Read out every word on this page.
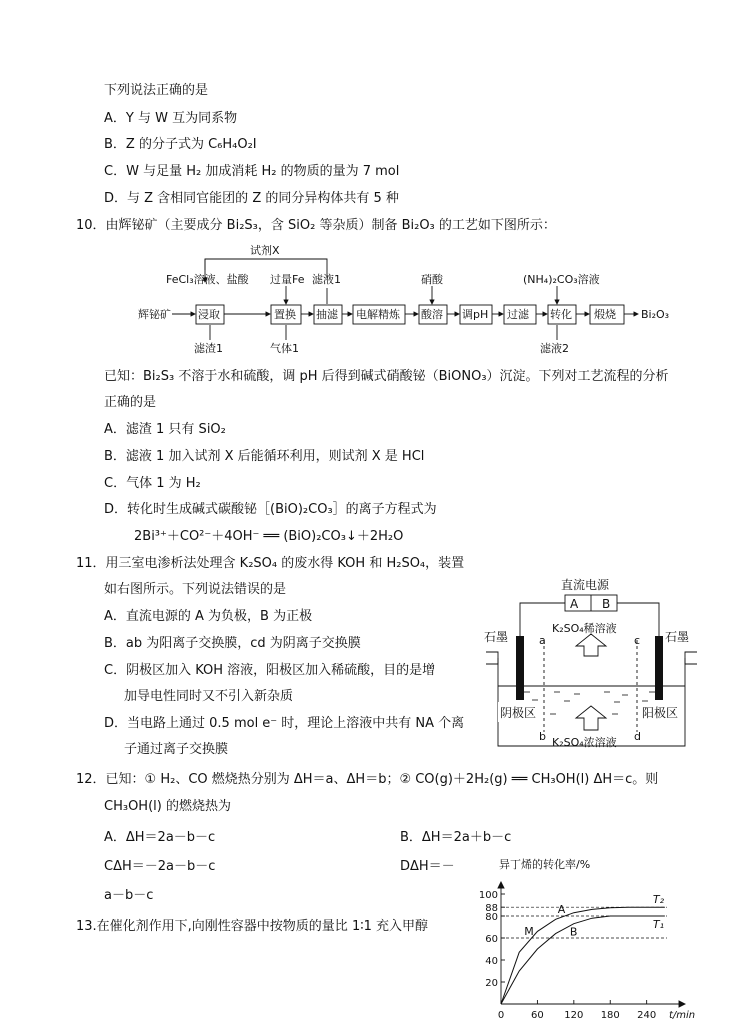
下列说法正确的是
A．Y 与 W 互为同系物
B．Z 的分子式为 C₆H₄O₂I
C．W 与足量 H₂ 加成消耗 H₂ 的物质的量为 7 mol
D．与 Z 含相同官能团的 Z 的同分异构体共有 5 种
10．由辉铋矿（主要成分 Bi₂S₃，含 SiO₂ 等杂质）制备 Bi₂O₃ 的工艺如下图所示：
试剂X
FeCl₃溶液、盐酸 过量Fe 滤液1	硝酸	(NH₄)₂CO₃溶液
辉铋矿 浸取	置换 抽滤 电解精炼 酸溶 调pH 过滤 转化 煅烧 Bi₂O₃
滤渣1	气体1	滤液2
已知：Bi₂S₃ 不溶于水和硫酸，调 pH 后得到碱式硝酸铋（BiONO₃）沉淀。下列对工艺流程的分析
正确的是
A．滤渣 1 只有 SiO₂
B．滤液 1 加入试剂 X 后能循环利用，则试剂 X 是 HCl
C．气体 1 为 H₂
D．转化时生成碱式碳酸铋［(BiO)₂CO₃］的离子方程式为
2Bi³⁺＋CO²⁻＋4OH⁻ ══ (BiO)₂CO₃↓＋2H₂O
11．用三室电渗析法处理含 K₂SO₄ 的废水得 KOH 和 H₂SO₄，装置
如右图所示。下列说法错误的是
A．直流电源的 A 为负极，B 为正极
B．ab 为阳离子交换膜，cd 为阴离子交换膜
C．阴极区加入 KOH 溶液，阳极区加入稀硫酸，目的是增
加导电性同时又不引入新杂质
D．当电路上通过 0.5 mol e⁻ 时，理论上溶液中共有 NA 个离
子通过离子交换膜
直流电源
A B
石墨	石墨
a	c
K₂SO₄稀溶液
阴极区	阳极区
b	d
K₂SO₄浓溶液
12．已知：① H₂、CO 燃烧热分别为 ΔH＝a、ΔH＝b；② CO(g)＋2H₂(g) ══ CH₃OH(l) ΔH＝c。则
CH₃OH(l) 的燃烧热为
A．ΔH＝2a－b－c	B．ΔH＝2a＋b－c
CΔH＝－2a－b－c	DΔH＝－
a－b－c
13.在催化剂作用下,向刚性容器中按物质的量比 1∶1 充入甲醇
20
40
60
80
88
100
0	60 120 180 240
T₂
T₁
M
A
B
异丁烯的转化率/%
t/min
